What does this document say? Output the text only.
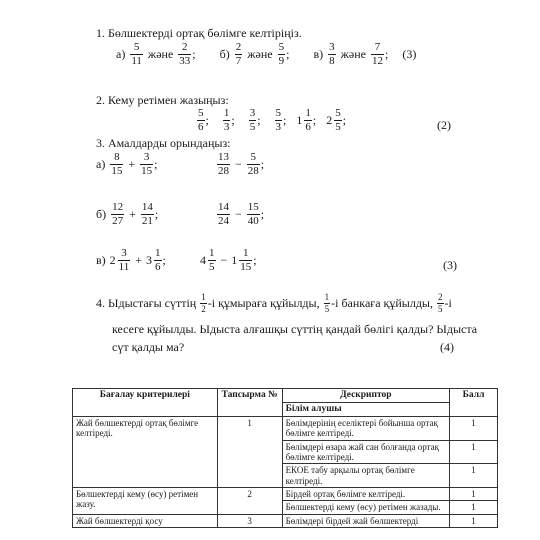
1. Бөлшектерді ортақ бөлімге келтіріңіз.
$а) \frac{5}{11}$ және $\frac{2}{33}$ ; $б) \frac{2}{7}$ және $\frac{5}{9}$ ; $в) \frac{3}{8}$ және $\frac{7}{12}$ ; (3)
2. Кему ретімен жазыңыз:
$\frac{5}{6}$ ; $\frac{1}{3}$ ; $\frac{3}{5}$ ; $\frac{5}{3}$ ; $1 \frac{1}{6}$ ; $2 \frac{5}{5}$ ;	(2)
3. Амалдарды орындаңыз:
$а) \frac{8}{15} + \frac{3}{15}$ ;	$\frac{13}{28} - \frac{5}{28}$ ;
$б) \frac{12}{27} + \frac{14}{21}$ ;	$\frac{14}{24} - \frac{15}{40}$ ;
в) $2 \frac{3}{11} + 3 \frac{1}{6}$ ;	$4 \frac{1}{5} - 1 \frac{1}{15}$ ;	(3)
4. Ыдыстағы сүттің $\frac{1}{2} -і$ құмыраға құйылды, $\frac{1}{5} -і$ банкаға құйылды, $\frac{2}{5} -і$
кесеге құйылды. Ыдыста алғашқы сүттің қандай бөлігі қалды? Ыдыста
сүт қалды ма?	(4)
Бағалау критерилері	Тапсырма №	Дескриптор	Балл
		Білім алушы	
Жай бөлшектерді ортақ бөлімге келтіреді.	1	Бөлімдерінің еселіктері бойынша ортақ бөлімге келтіреді.	1
		Бөлімдері өзара жай сан болғанда ортақ бөлімге келтіреді.	1
		ЕКОЕ табу арқылы ортақ бөлімге келтіреді.	1
Бөлшектерді кему (өсу) ретімен жазу.	2	Бірдей ортақ бөлімге келтіреді.	1
		Бөлшектерді кему (өсу) ретімен жазады.	1
Жай бөлшектерді қосу	3	Бөлімдері бірдей жай бөлшектерді	1
